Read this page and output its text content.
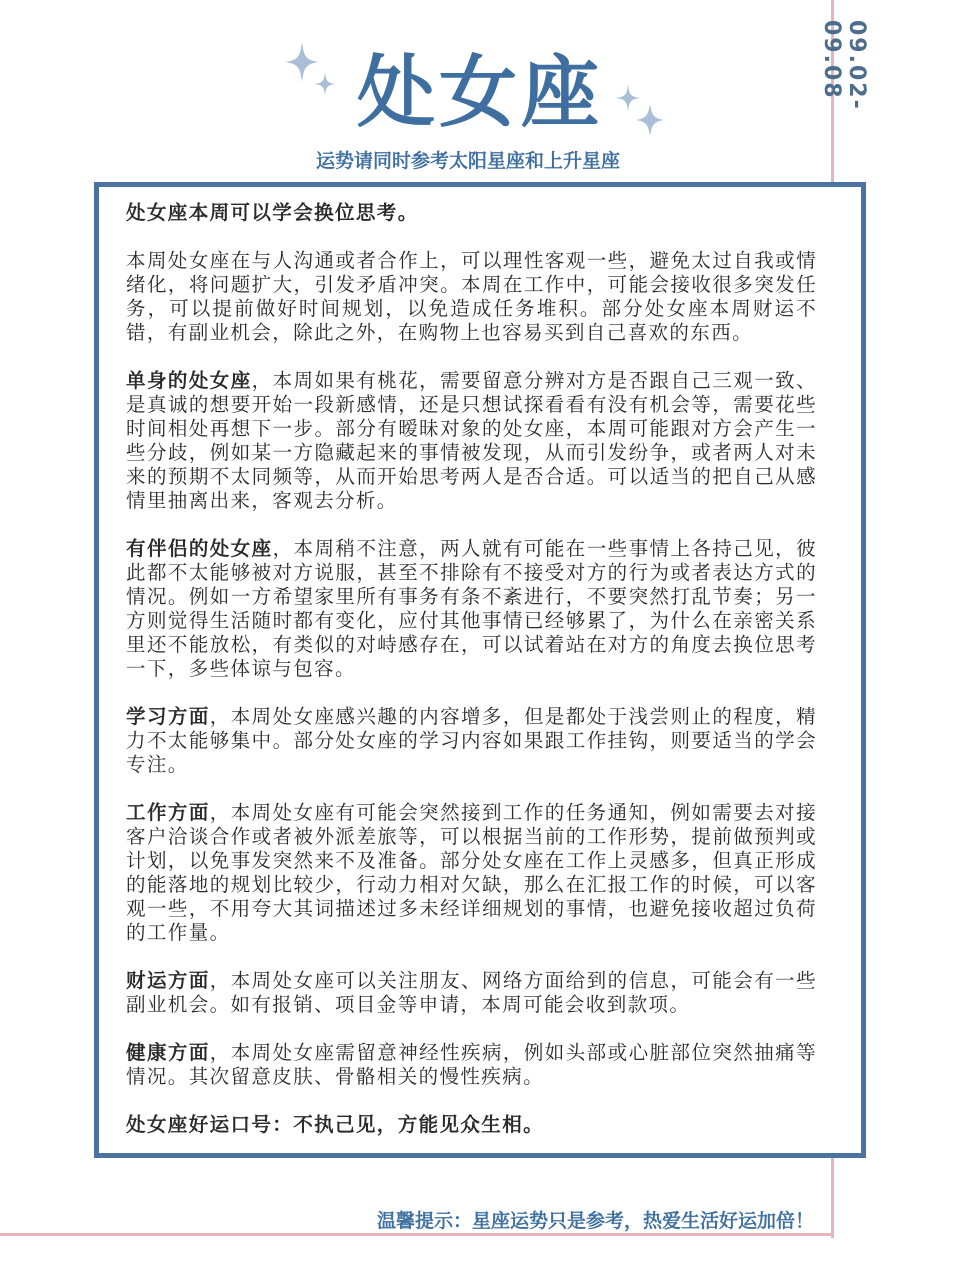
处女座
运势请同时参考太阳星座和上升星座
09.02-09.08

处女座本周可以学会换位思考。

本周处女座在与人沟通或者合作上，可以理性客观一些，避免太过自我或情绪化，将问题扩大，引发矛盾冲突。本周在工作中，可能会接收很多突发任务，可以提前做好时间规划，以免造成任务堆积。部分处女座本周财运不错，有副业机会，除此之外，在购物上也容易买到自己喜欢的东西。

单身的处女座，本周如果有桃花，需要留意分辨对方是否跟自己三观一致、是真诚的想要开始一段新感情，还是只想试探看看有没有机会等，需要花些时间相处再想下一步。部分有暧昧对象的处女座，本周可能跟对方会产生一些分歧，例如某一方隐藏起来的事情被发现，从而引发纷争，或者两人对未来的预期不太同频等，从而开始思考两人是否合适。可以适当的把自己从感情里抽离出来，客观去分析。

有伴侣的处女座，本周稍不注意，两人就有可能在一些事情上各持己见，彼此都不太能够被对方说服，甚至不排除有不接受对方的行为或者表达方式的情况。例如一方希望家里所有事务有条不紊进行，不要突然打乱节奏；另一方则觉得生活随时都有变化，应付其他事情已经够累了，为什么在亲密关系里还不能放松，有类似的对峙感存在，可以试着站在对方的角度去换位思考一下，多些体谅与包容。

学习方面，本周处女座感兴趣的内容增多，但是都处于浅尝则止的程度，精力不太能够集中。部分处女座的学习内容如果跟工作挂钩，则要适当的学会专注。

工作方面，本周处女座有可能会突然接到工作的任务通知，例如需要去对接客户洽谈合作或者被外派差旅等，可以根据当前的工作形势，提前做预判或计划，以免事发突然来不及准备。部分处女座在工作上灵感多，但真正形成的能落地的规划比较少，行动力相对欠缺，那么在汇报工作的时候，可以客观一些，不用夸大其词描述过多未经详细规划的事情，也避免接收超过负荷的工作量。

财运方面，本周处女座可以关注朋友、网络方面给到的信息，可能会有一些副业机会。如有报销、项目金等申请，本周可能会收到款项。

健康方面，本周处女座需留意神经性疾病，例如头部或心脏部位突然抽痛等情况。其次留意皮肤、骨骼相关的慢性疾病。

处女座好运口号：不执己见，方能见众生相。

温馨提示：星座运势只是参考，热爱生活好运加倍！
